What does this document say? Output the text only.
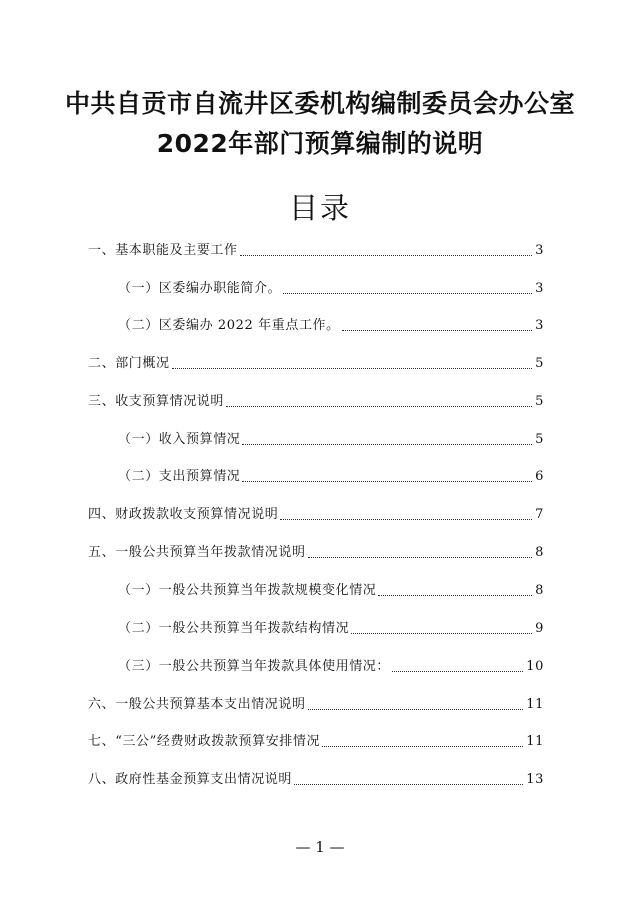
中共自贡市自流井区委机构编制委员会办公室
2022年部门预算编制的说明
目录
一、基本职能及主要工作	3
（一）区委编办职能简介。	3
（二）区委编办 2022 年重点工作。	3
二、部门概况	5
三、收支预算情况说明	5
（一）收入预算情况	5
（二）支出预算情况	6
四、财政拨款收支预算情况说明	7
五、一般公共预算当年拨款情况说明	8
（一）一般公共预算当年拨款规模变化情况	8
（二）一般公共预算当年拨款结构情况	9
（三）一般公共预算当年拨款具体使用情况：	10
六、一般公共预算基本支出情况说明	11
七、“三公”经费财政拨款预算安排情况	11
八、政府性基金预算支出情况说明	13
— 1 —
